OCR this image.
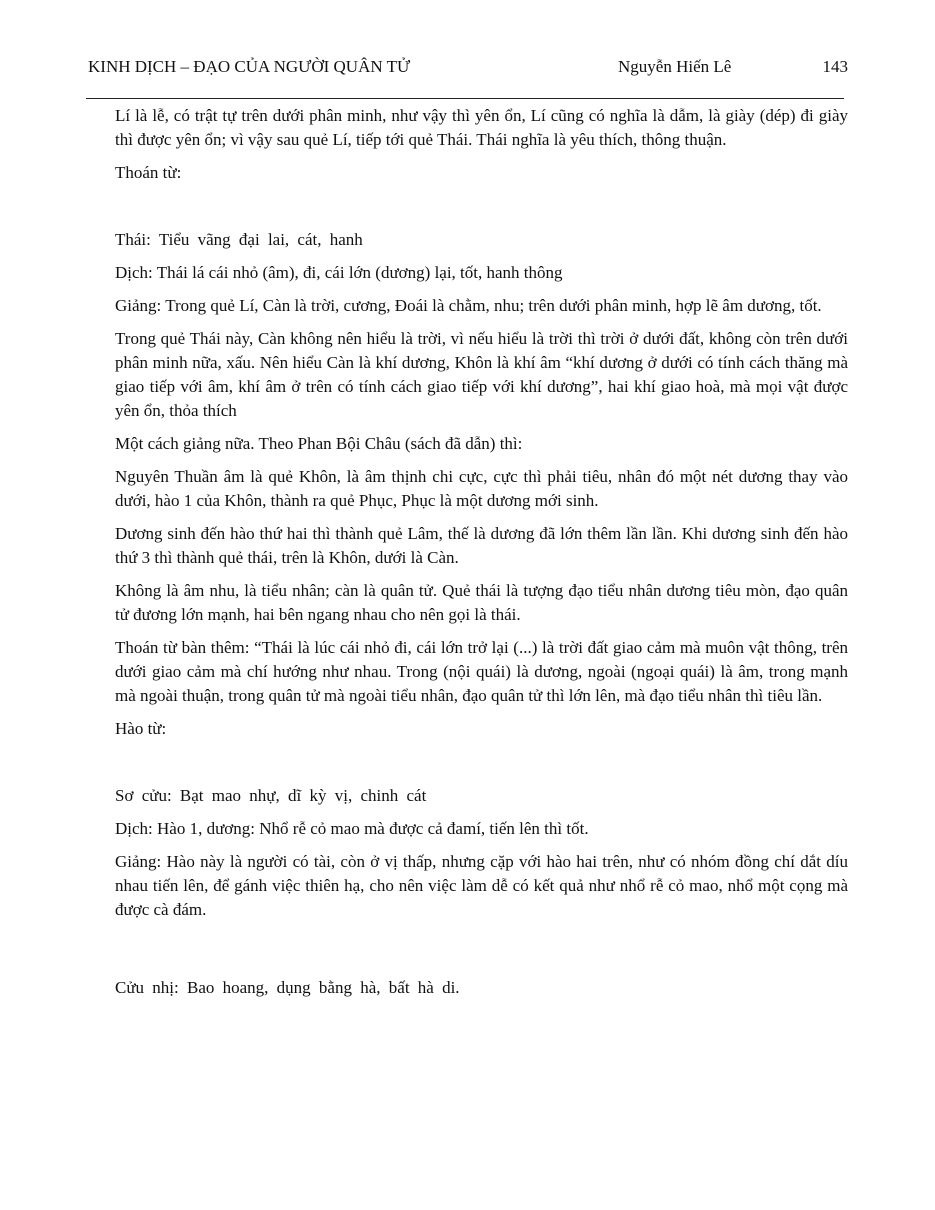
KINH DỊCH – ĐẠO CỦA NGƯỜI QUÂN TỬ	Nguyễn Hiến Lê	143

Lí là lễ, có trật tự trên dưới phân minh, như vậy thì yên ổn, Lí cũng có nghĩa là dẫm, là giày (dép) đi giày thì được yên ổn; vì vậy sau quẻ Lí, tiếp tới quẻ Thái. Thái nghĩa là yêu thích, thông thuận.

Thoán từ:

Thái: Tiểu vãng đại lai, cát, hanh

Dịch: Thái lá cái nhỏ (âm), đi, cái lớn (dương) lại, tốt, hanh thông

Giảng: Trong quẻ Lí, Càn là trời, cương, Đoái là chằm, nhu; trên dưới phân minh, hợp lẽ âm dương, tốt.

Trong quẻ Thái này, Càn không nên hiểu là trời, vì nếu hiểu là trời thì trời ở dưới đất, không còn trên dưới phân minh nữa, xấu. Nên hiểu Càn là khí dương, Khôn là khí âm “khí dương ở dưới có tính cách thăng mà giao tiếp với âm, khí âm ở trên có tính cách giao tiếp với khí dương”, hai khí giao hoà, mà mọi vật được yên ổn, thỏa thích

Một cách giảng nữa. Theo Phan Bội Châu (sách đã dẫn) thì:

Nguyên Thuần âm là quẻ Khôn, là âm thịnh chi cực, cực thì phải tiêu, nhân đó một nét dương thay vào dưới, hào 1 của Khôn, thành ra quẻ Phục, Phục là một dương mới sinh.

Dương sinh đến hào thứ hai thì thành quẻ Lâm, thế là dương đã lớn thêm lần lần. Khi dương sinh đến hào thứ 3 thì thành quẻ thái, trên là Khôn, dưới là Càn.

Không là âm nhu, là tiểu nhân; càn là quân tử. Quẻ thái là tượng đạo tiểu nhân dương tiêu mòn, đạo quân tử đương lớn mạnh, hai bên ngang nhau cho nên gọi là thái.

Thoán từ bàn thêm: “Thái là lúc cái nhỏ đi, cái lớn trở lại (...) là trời đất giao cảm mà muôn vật thông, trên dưới giao cảm mà chí hướng như nhau. Trong (nội quái) là dương, ngoài (ngoại quái) là âm, trong mạnh mà ngoài thuận, trong quân tử mà ngoài tiểu nhân, đạo quân tử thì lớn lên, mà đạo tiểu nhân thì tiêu lần.

Hào từ:

Sơ cửu: Bạt mao nhự, dĩ kỳ vị, chinh cát

Dịch: Hào 1, dương: Nhổ rễ cỏ mao mà được cả đamí, tiến lên thì tốt.

Giảng: Hào này là người có tài, còn ở vị thấp, nhưng cặp với hào hai trên, như có nhóm đồng chí dắt díu nhau tiến lên, để gánh việc thiên hạ, cho nên việc làm dễ có kết quả như nhổ rễ cỏ mao, nhổ một cọng mà được cà đám.

Cửu nhị: Bao hoang, dụng bằng hà, bất hà di.
